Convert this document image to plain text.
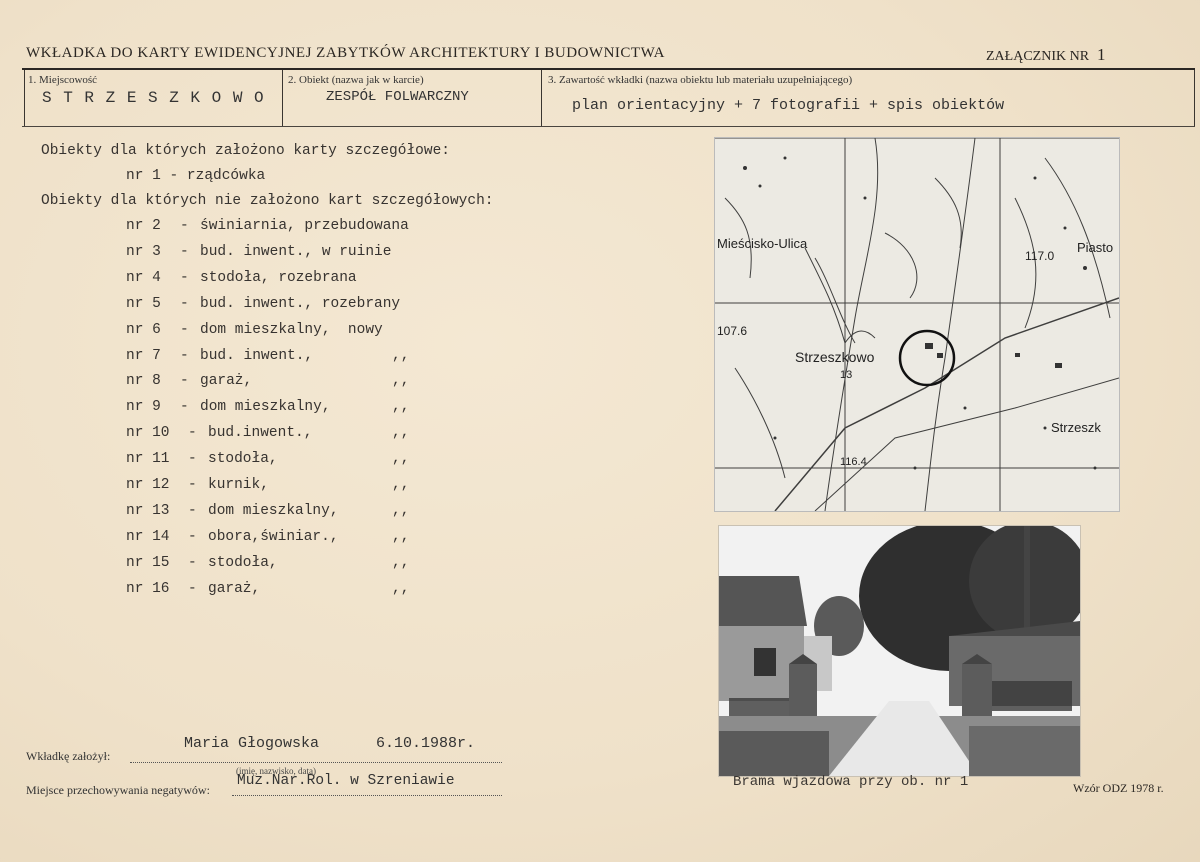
WKŁADKA DO KARTY EWIDENCYJNEJ ZABYTKÓW ARCHITEKTURY I BUDOWNICTWA	ZAŁĄCZNIK NR 1
1. Miejscowość
S T R Z E S Z K O W O
2. Obiekt (nazwa jak w karcie)
ZESPÓŁ FOLWARCZNY
3. Zawartość wkładki (nazwa obiektu lub materiału uzupełniającego)
plan orientacyjny + 7 fotografii + spis obiektów
Obiekty dla których założono karty szczegółowe:
nr 1 - rządcówka
Obiekty dla których nie założono kart szczegółowych:
nr 2 - świniarnia, przebudowana
nr 3 - bud. inwent., w ruinie
nr 4 - stodoła, rozebrana
nr 5 - bud. inwent., rozebrany
nr 6 - dom mieszkalny,  nowy
nr 7 - bud. inwent.,	,,
nr 8 - garaż,	,,
nr 9 - dom mieszkalny,	,,
nr 10 - bud.inwent.,	,,
nr 11 - stodoła,	,,
nr 12 - kurnik,	,,
nr 13 - dom mieszkalny,	,,
nr 14 - obora,świniar.,	,,
nr 15 - stodoła,	,,
nr 16 - garaż,	,,
Mieścisko-Ulica
117.0
Piasto
107.6
Strzeszkowo
13
Strzeszk
116.4
Brama wjazdowa przy ob. nr 1	Wzór ODZ 1978 r.
Wkładkę założył:
Maria Głogowska	6.10.1988r.
(imię, nazwisko, data)
Miejsce przechowywania negatywów:
Muz.Nar.Rol. w Szreniawie
